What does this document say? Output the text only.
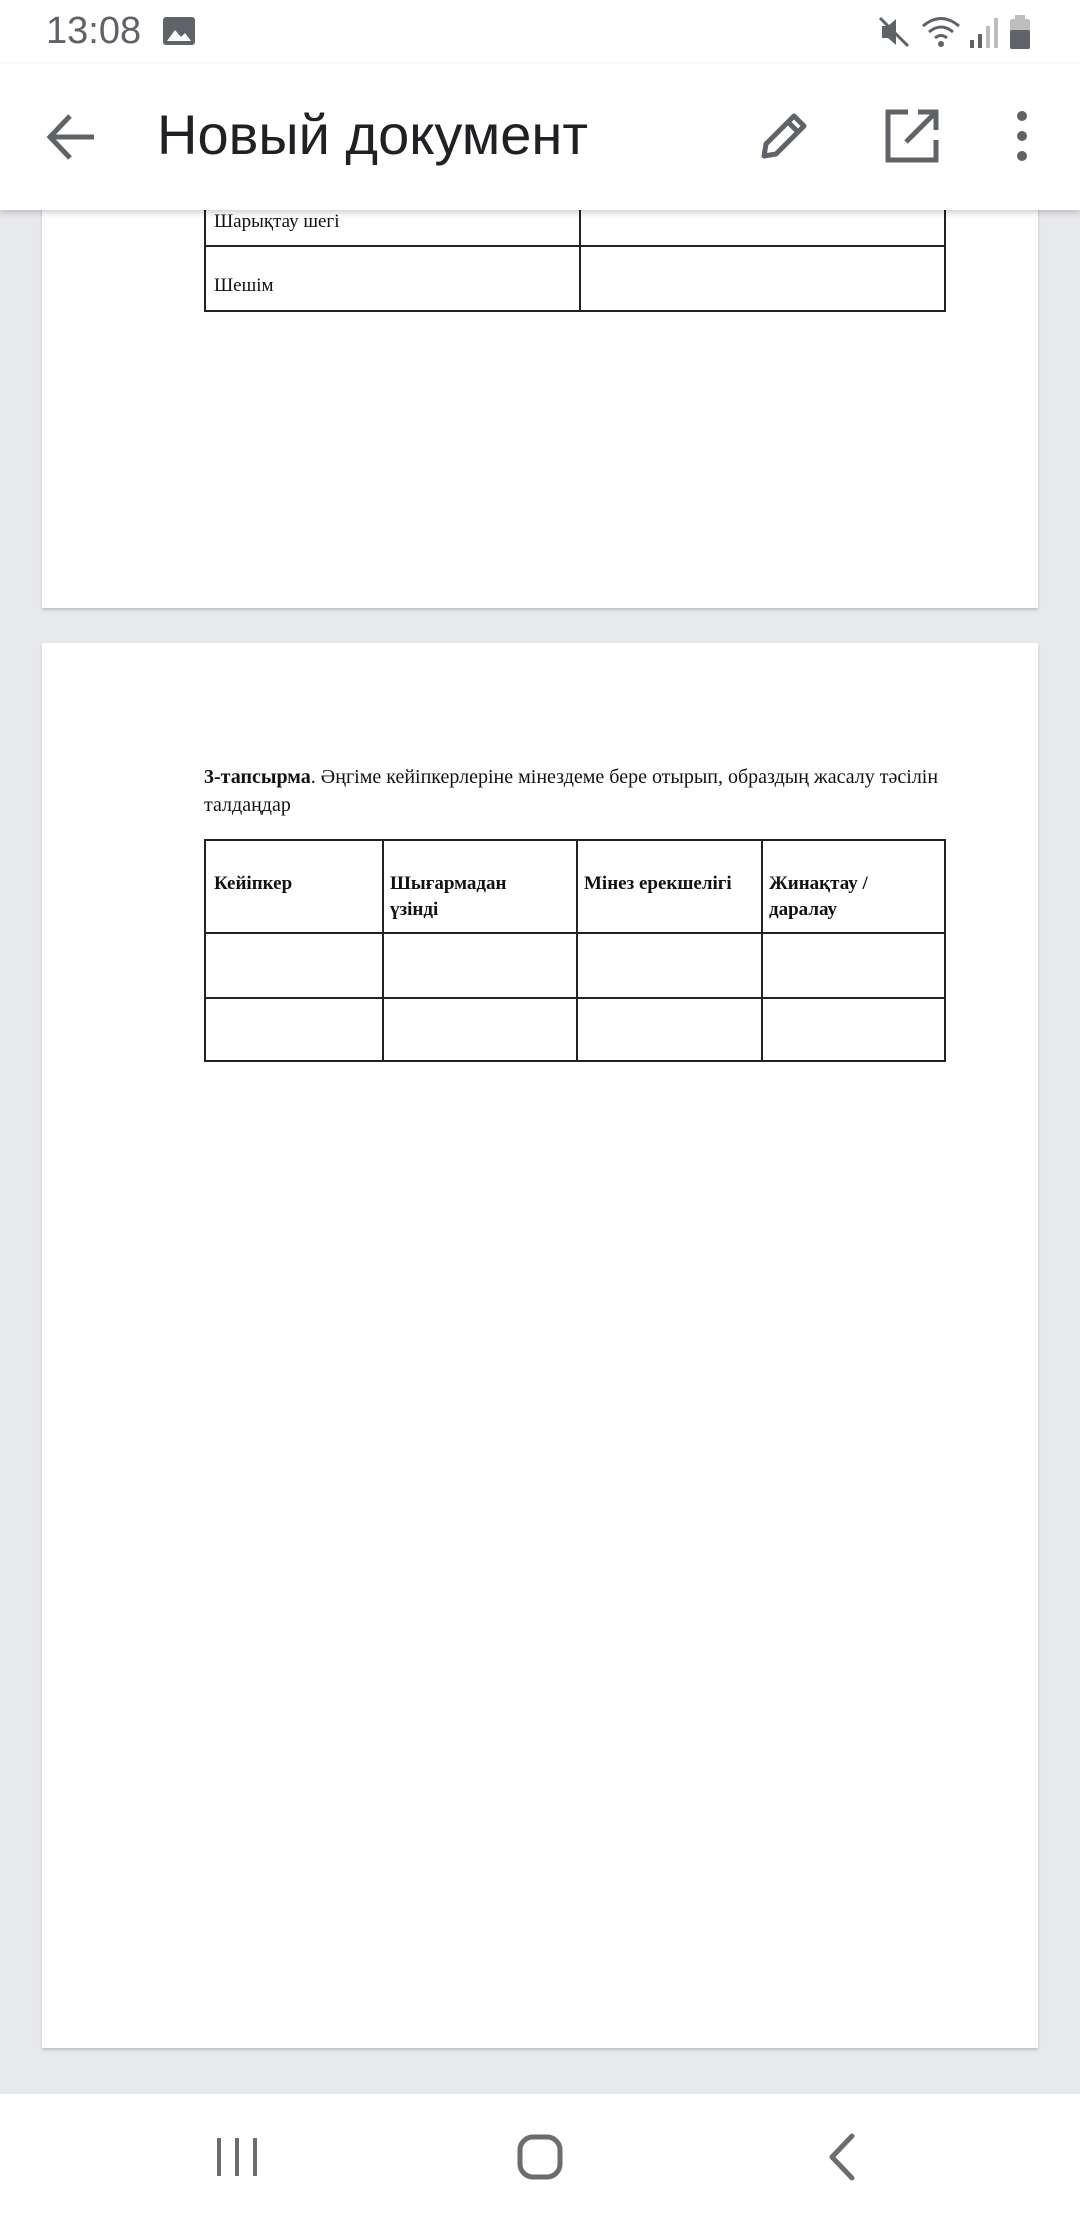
13:08
Новый документ
Шарықтау шегі
Шешім
3-тапсырма. Әңгіме кейіпкерлеріне мінездеме бере отырып, образдың жасалу тәсілін талдаңдар
Кейіпкер	Шығармадан үзінді
Мінез ерекшелігі	Жинақтау / даралау
